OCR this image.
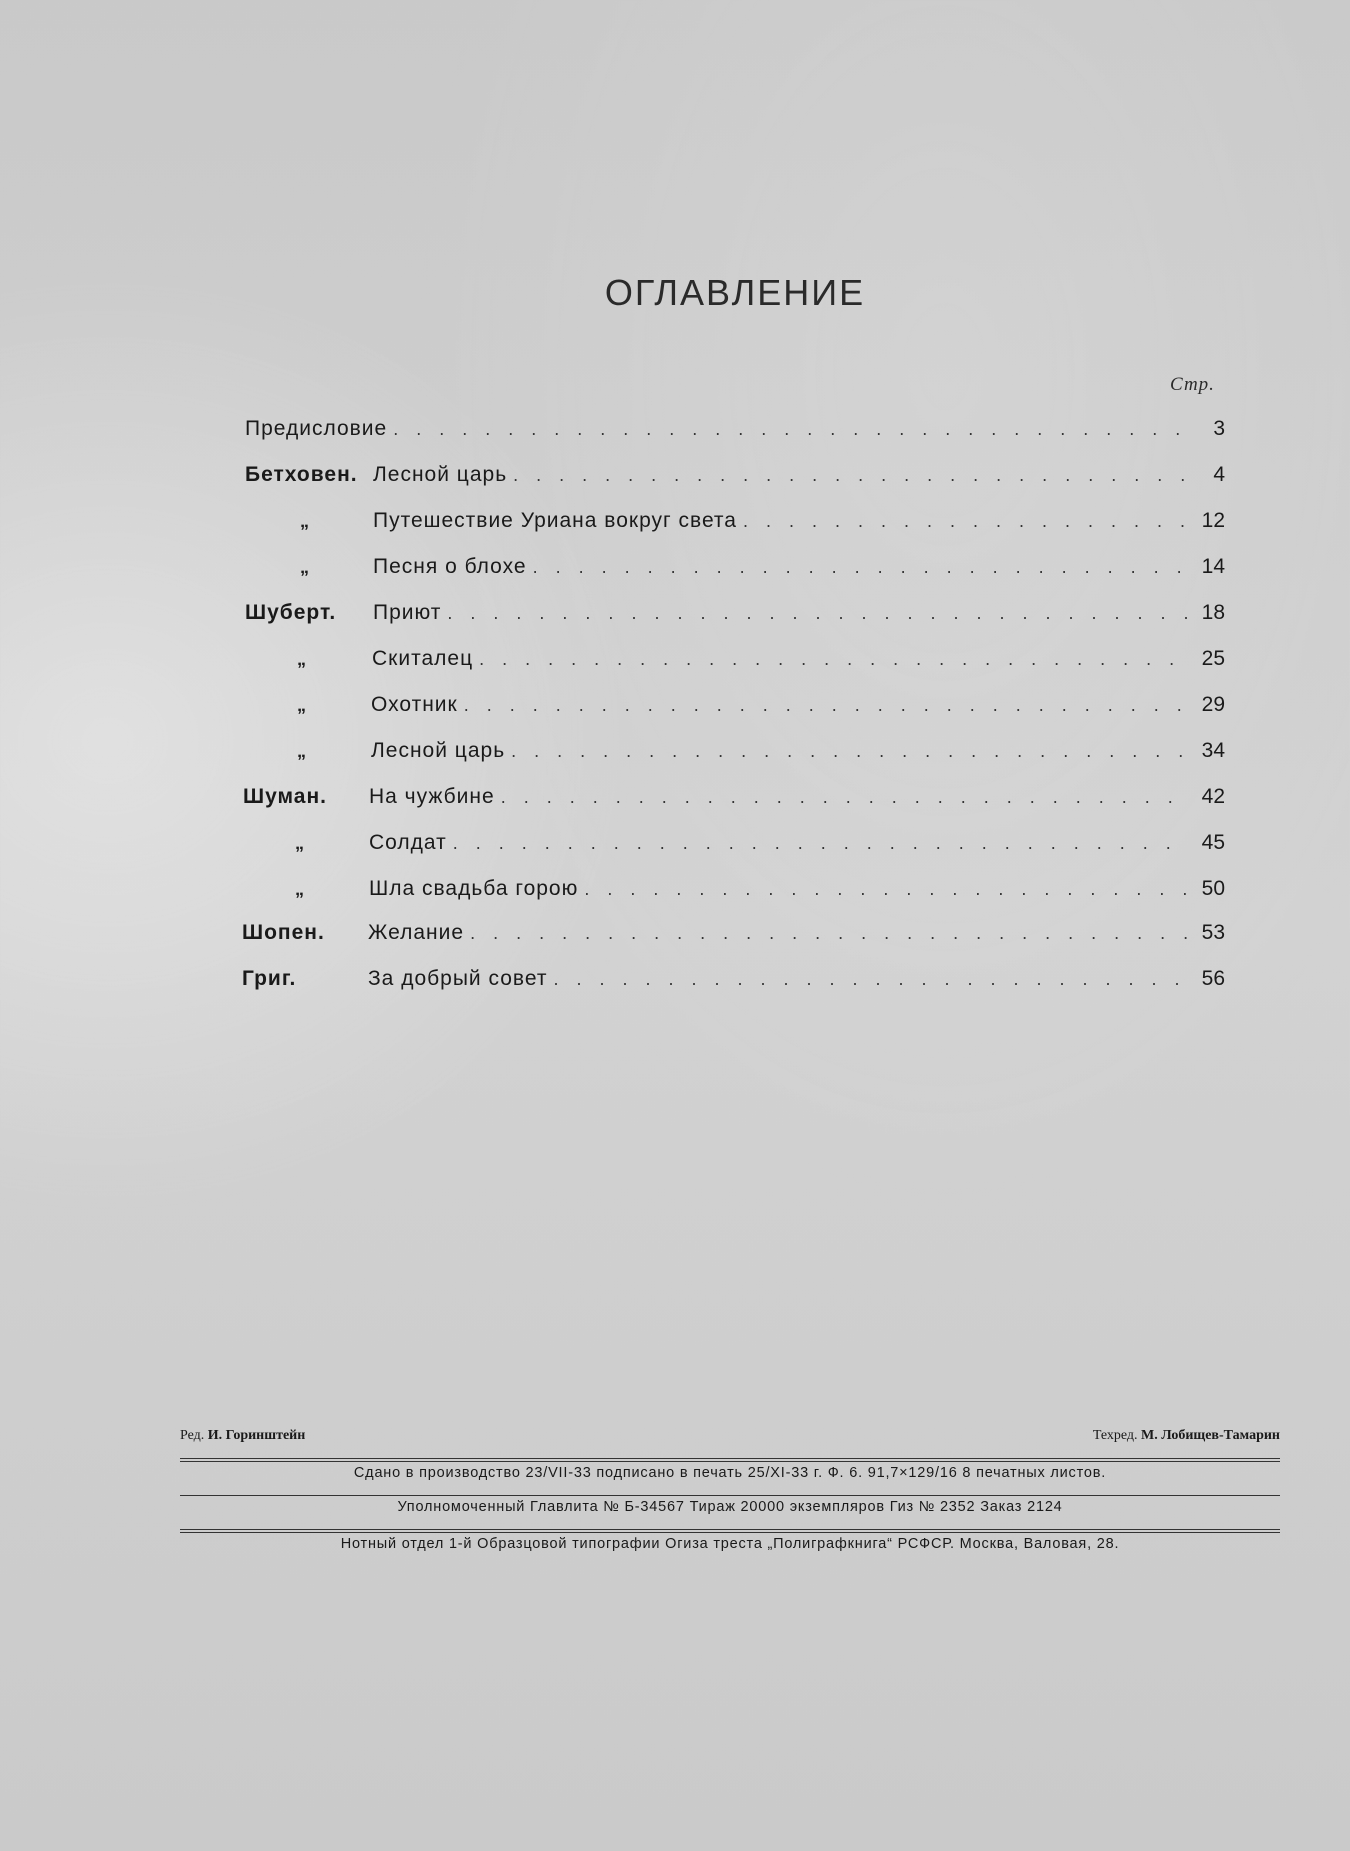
ОГЛАВЛЕНИЕ
Стр.
Предисловие . . .	3
Бетховен. Лесной царь . . .	4
„	Путешествие Уриана вокруг света . . .	12
„	Песня о блохе . . .	14
Шуберт. Приют . . .	18
„	Скиталец . . .	25
„	Охотник . . .	29
„	Лесной царь . . .	34
Шуман. На чужбине . . .	42
„	Солдат . . .	45
„	Шла свадьба горою . . .	50
Шопен. Желание . . .	53
Григ.	За добрый совет . . .	56
Ред. И. Горинштейн	Техред. М. Лобищев-Тамарин
Сдано в производство 23/VII-33 подписано в печать 25/XI-33 г. Ф. 6. 91,7×129/16 8 печатных листов.
Уполномоченный Главлита № Б-34567 Тираж 20000 экземпляров Гиз № 2352 Заказ 2124
Нотный отдел 1-й Образцовой типографии Огиза треста „Полиграфкнига“ РСФСР. Москва, Валовая, 28.
